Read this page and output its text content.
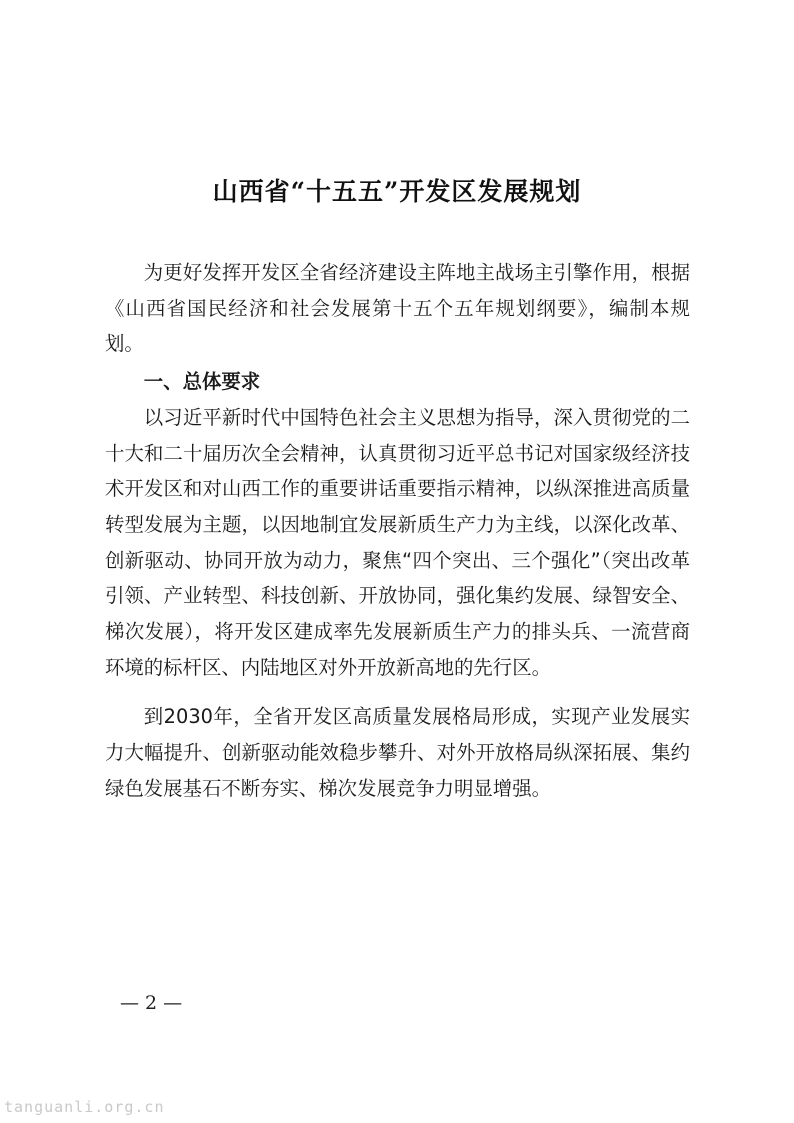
山西省“十五五”开发区发展规划

为更好发挥开发区全省经济建设主阵地主战场主引擎作用，根据《山西省国民经济和社会发展第十五个五年规划纲要》，编制本规划。

一、总体要求

以习近平新时代中国特色社会主义思想为指导，深入贯彻党的二十大和二十届历次全会精神，认真贯彻习近平总书记对国家级经济技术开发区和对山西工作的重要讲话重要指示精神，以纵深推进高质量转型发展为主题，以因地制宜发展新质生产力为主线，以深化改革、创新驱动、协同开放为动力，聚焦“四个突出、三个强化”（突出改革引领、产业转型、科技创新、开放协同，强化集约发展、绿智安全、梯次发展），将开发区建成率先发展新质生产力的排头兵、一流营商环境的标杆区、内陆地区对外开放新高地的先行区。

到2030年，全省开发区高质量发展格局形成，实现产业发展实力大幅提升、创新驱动能效稳步攀升、对外开放格局纵深拓展、集约绿色发展基石不断夯实、梯次发展竞争力明显增强。

— 2 —
tanguanli.org.cn
